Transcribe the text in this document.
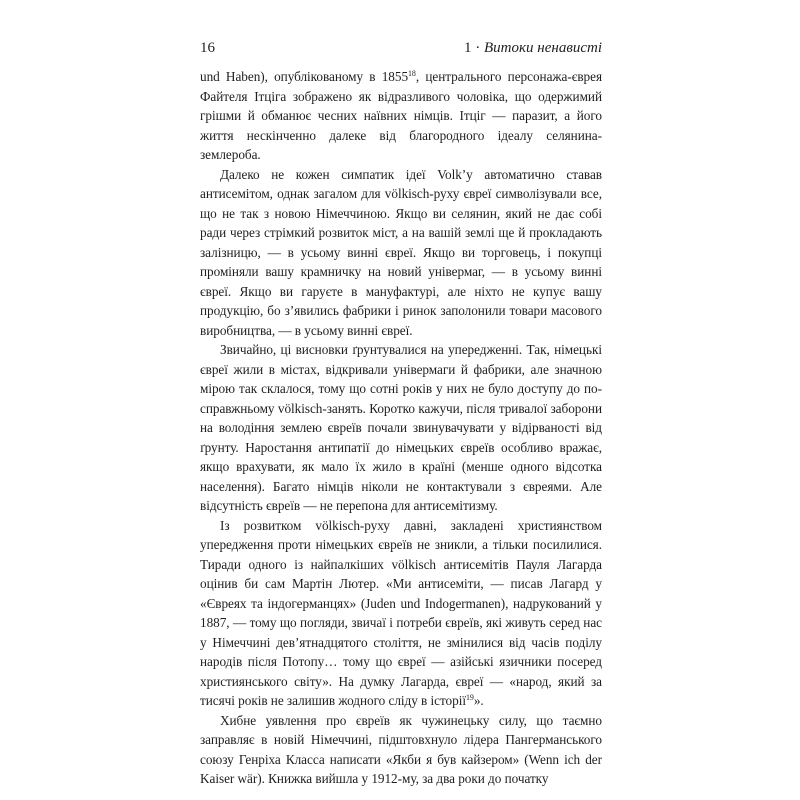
16	1 · Витоки ненависті

und Haben), опублікованому в 1855$^{18}$, центрального персонажа-єврея Файтеля Ітціга зображено як відразливого чоловіка, що одержимий грішми й обманює чесних наївних німців. Ітціг — паразит, а його життя нескінченно далеке від благородного ідеалу селянина-землероба.

Далеко не кожен симпатик ідеї Volk’у автоматично ставав антисемітом, однак загалом для völkisch-руху євреї символізували все, що не так з новою Німеччиною. Якщо ви селянин, який не дає собі ради через стрімкий розвиток міст, а на вашій землі ще й прокладають залізницю, — в усьому винні євреї. Якщо ви торговець, і покупці проміняли вашу крамничку на новий універмаг, — в усьому винні євреї. Якщо ви гаруєте в мануфактурі, але ніхто не купує вашу продукцію, бо з’явились фабрики і ринок заполонили товари масового виробництва, — в усьому винні євреї.

Звичайно, ці висновки ґрунтувалися на упередженні. Так, німецькі євреї жили в містах, відкривали універмаги й фабрики, але значною мірою так склалося, тому що сотні років у них не було доступу до по-справжньому völkisch-занять. Коротко кажучи, після тривалої заборони на володіння землею євреїв почали звинувачувати у відірваності від ґрунту. Наростання антипатії до німецьких євреїв особливо вражає, якщо врахувати, як мало їх жило в країні (менше одного відсотка населення). Багато німців ніколи не контактували з євреями. Але відсутність євреїв — не перепона для антисемітизму.

Із розвитком völkisch-руху давні, закладені християнством упередження проти німецьких євреїв не зникли, а тільки посилилися. Тиради одного із найпалкіших völkisch антисемітів Пауля Лагарда оцінив би сам Мартін Лютер. «Ми антисеміти, — писав Лагард у «Євреях та індогерманцях» (Juden und Indogermanen), надрукований у 1887, — тому що погляди, звичаї і потреби євреїв, які живуть серед нас у Німеччині дев’ятнадцятого століття, не змінилися від часів поділу народів після Потопу… тому що євреї — азійські язичники посеред християнського світу». На думку Лагарда, євреї — «народ, який за тисячі років не залишив жодного сліду в історії$^{19}$».

Хибне уявлення про євреїв як чужинецьку силу, що таємно заправляє в новій Німеччині, підштовхнуло лідера Пангерманського союзу Генріха Класса написати «Якби я був кайзером» (Wenn ich der Kaiser wär). Книжка вийшла у 1912-му, за два роки до початку
